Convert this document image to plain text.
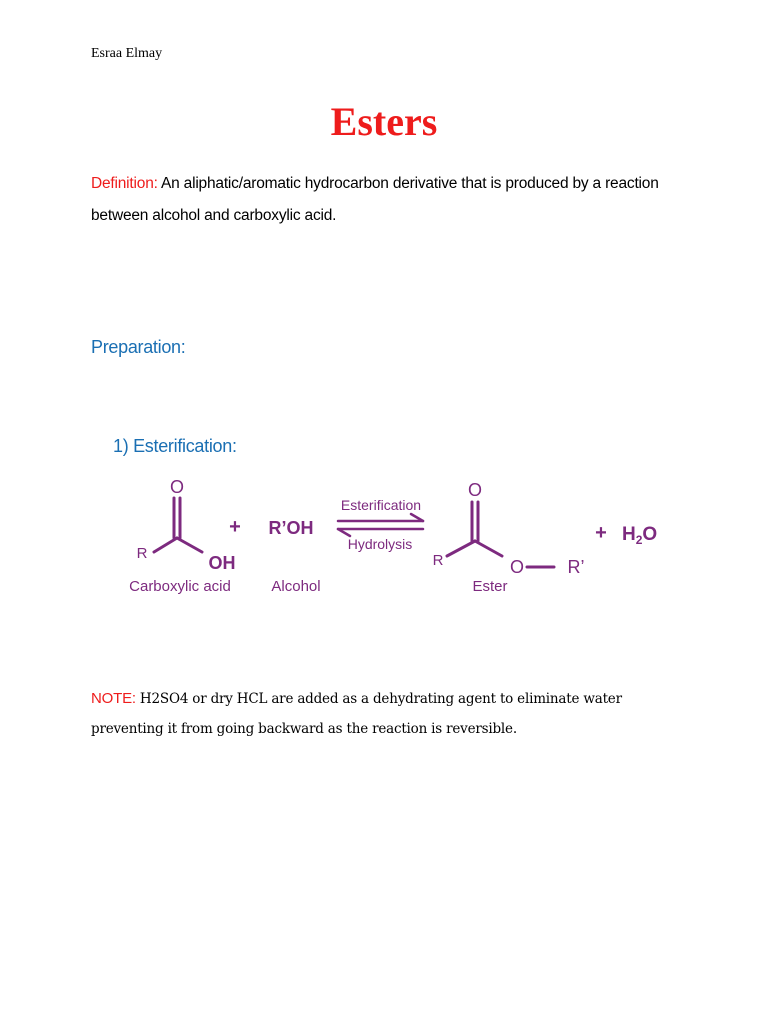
Esraa Elmay
Esters
Definition: An aliphatic/aromatic hydrocarbon derivative that is produced by a reaction between alcohol and carboxylic acid.
Preparation:
1) Esterification:
O
R	OH
Carboxylic acid
+ R’OH
Alcohol
Esterification
Hydrolysis
O
R	O R’
Ester
+ $H_2O$
NOTE: H2SO4 or dry HCL are added as a dehydrating agent to eliminate water preventing it from going backward as the reaction is reversible.
